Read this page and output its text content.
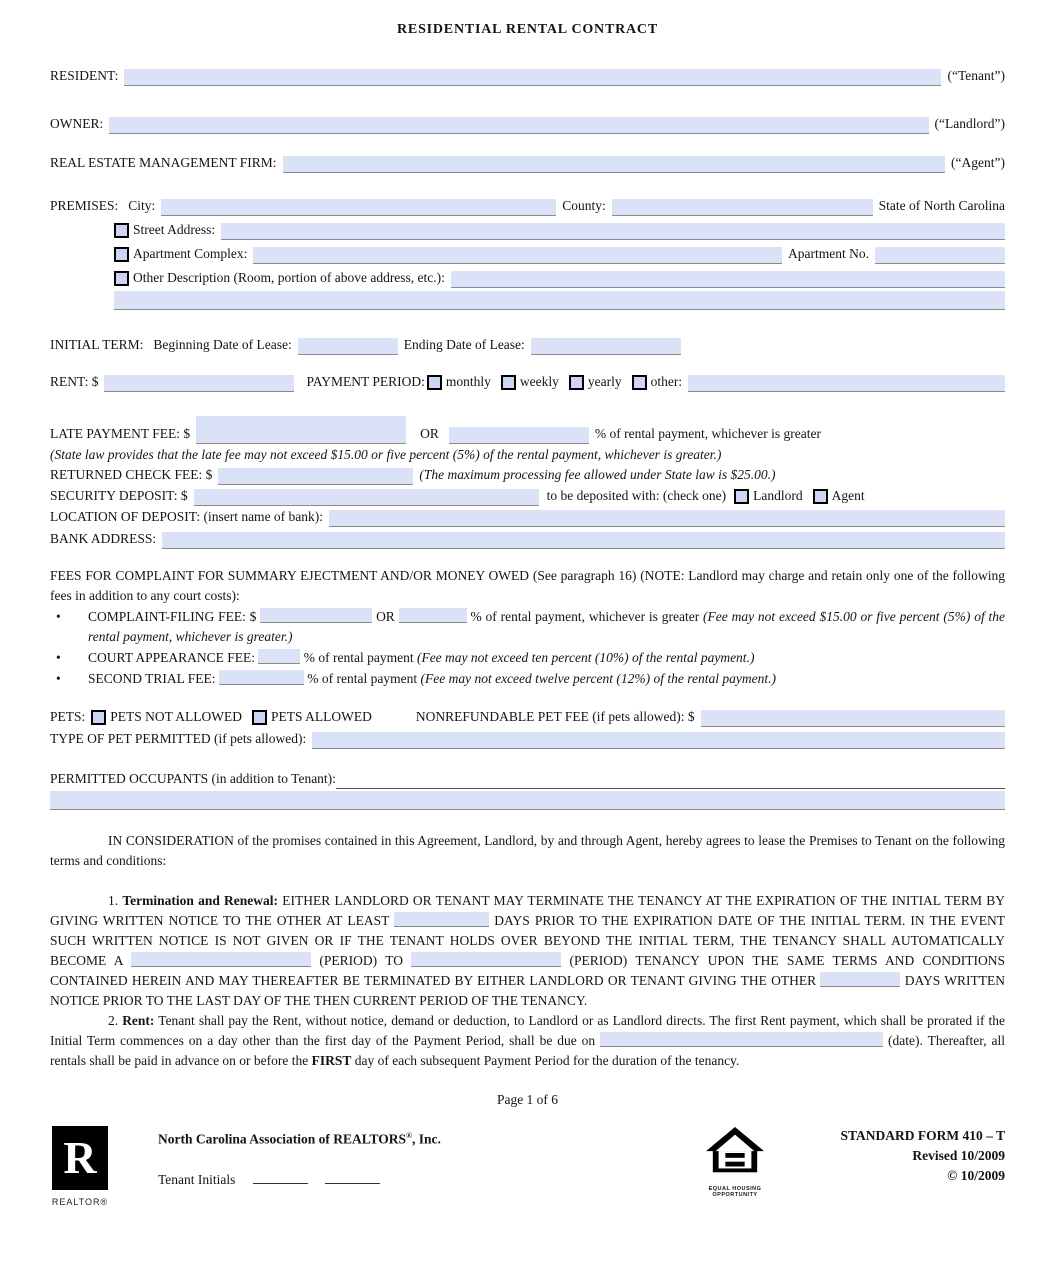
RESIDENTIAL RENTAL CONTRACT

RESIDENT:	(“Tenant”)
OWNER:	(“Landlord”)
REAL ESTATE MANAGEMENT FIRM:	(“Agent”)
PREMISES: City:	County:	State of North Carolina
Street Address:
Apartment Complex:	Apartment No.
Other Description (Room, portion of above address, etc.):
INITIAL TERM: Beginning Date of Lease:	Ending Date of Lease:
RENT: $	PAYMENT PERIOD: monthly weekly yearly other:
LATE PAYMENT FEE: $	OR	% of rental payment, whichever is greater
(State law provides that the late fee may not exceed $15.00 or five percent (5%) of the rental payment, whichever is greater.)
RETURNED CHECK FEE: $	(The maximum processing fee allowed under State law is $25.00.)
SECURITY DEPOSIT: $	to be deposited with: (check one) Landlord Agent
LOCATION OF DEPOSIT: (insert name of bank):
BANK ADDRESS:
FEES FOR COMPLAINT FOR SUMMARY EJECTMENT AND/OR MONEY OWED (See paragraph 16) (NOTE: Landlord may charge and retain only one of the following fees in addition to any court costs):
•	COMPLAINT-FILING FEE: $	OR	% of rental payment, whichever is greater (Fee may not exceed $15.00 or five percent (5%) of the rental payment, whichever is greater.)
•	COURT APPEARANCE FEE:	% of rental payment (Fee may not exceed ten percent (10%) of the rental payment.)
•	SECOND TRIAL FEE:	% of rental payment (Fee may not exceed twelve percent (12%) of the rental payment.)
PETS: PETS NOT ALLOWED PETS ALLOWED	NONREFUNDABLE PET FEE (if pets allowed): $
TYPE OF PET PERMITTED (if pets allowed):
PERMITTED OCCUPANTS (in addition to Tenant):
IN CONSIDERATION of the promises contained in this Agreement, Landlord, by and through Agent, hereby agrees to lease the Premises to Tenant on the following terms and conditions:
1. Termination and Renewal: EITHER LANDLORD OR TENANT MAY TERMINATE THE TENANCY AT THE EXPIRATION OF THE INITIAL TERM BY GIVING WRITTEN NOTICE TO THE OTHER AT LEAST	DAYS PRIOR TO THE EXPIRATION DATE OF THE INITIAL TERM. IN THE EVENT SUCH WRITTEN NOTICE IS NOT GIVEN OR IF THE TENANT HOLDS OVER BEYOND THE INITIAL TERM, THE TENANCY SHALL AUTOMATICALLY BECOME A	(PERIOD) TO	(PERIOD) TENANCY UPON THE SAME TERMS AND CONDITIONS CONTAINED HEREIN AND MAY THEREAFTER BE TERMINATED BY EITHER LANDLORD OR TENANT GIVING THE OTHER	DAYS WRITTEN NOTICE PRIOR TO THE LAST DAY OF THE THEN CURRENT PERIOD OF THE TENANCY.
2. Rent: Tenant shall pay the Rent, without notice, demand or deduction, to Landlord or as Landlord directs. The first Rent payment, which shall be prorated if the Initial Term commences on a day other than the first day of the Payment Period, shall be due on	(date). Thereafter, all rentals shall be paid in advance on or before the FIRST day of each subsequent Payment Period for the duration of the tenancy.
Page 1 of 6
R
REALTOR®
North Carolina Association of REALTORS®, Inc.
Tenant Initials
EQUAL HOUSING
OPPORTUNITY
STANDARD FORM 410 – T
Revised 10/2009
© 10/2009
